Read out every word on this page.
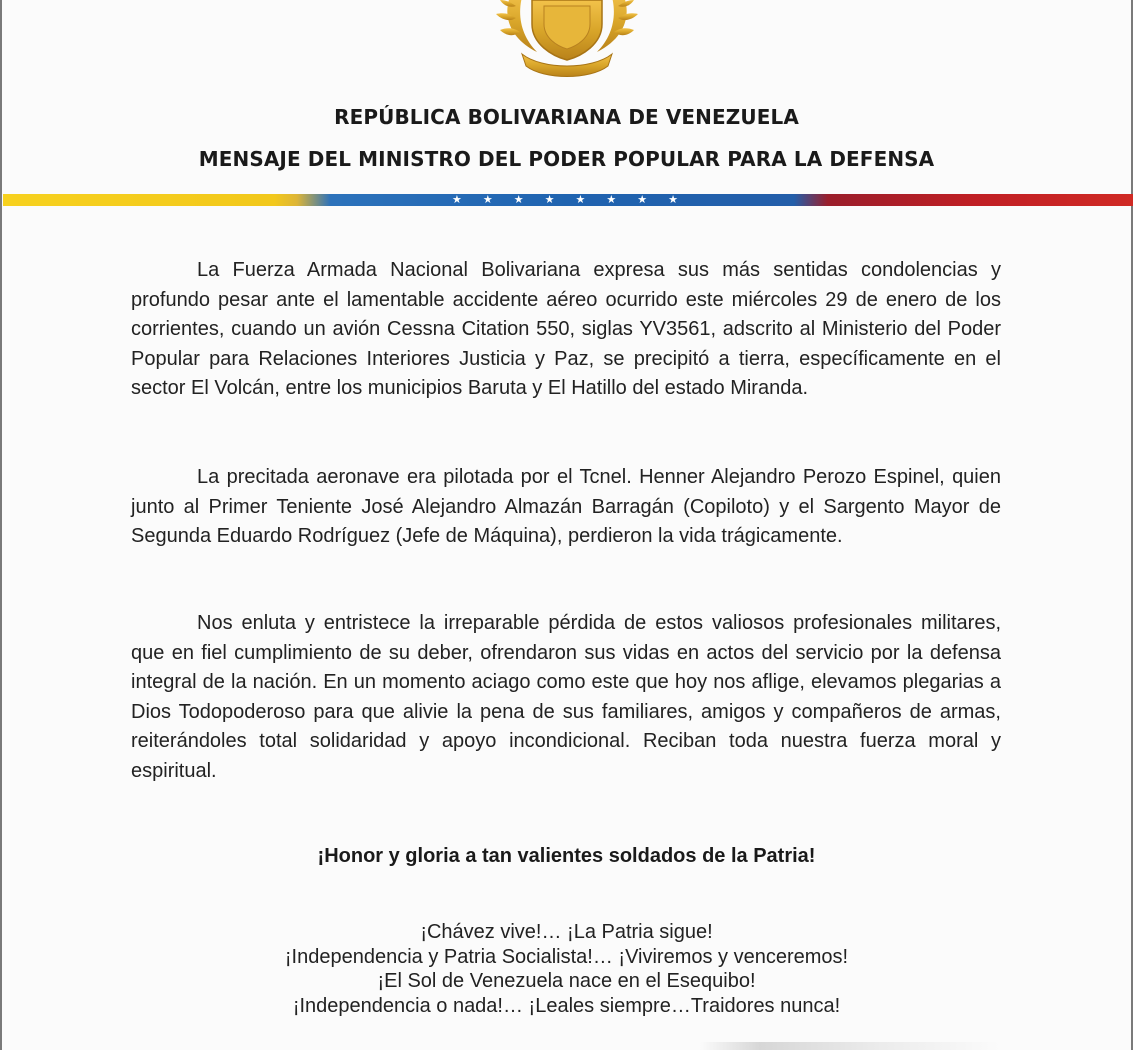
REPÚBLICA BOLIVARIANA DE VENEZUELA
MENSAJE DEL MINISTRO DEL PODER POPULAR PARA LA DEFENSA
★ ★ ★ ★ ★ ★ ★ ★

La Fuerza Armada Nacional Bolivariana expresa sus más sentidas condolencias y profundo pesar ante el lamentable accidente aéreo ocurrido este miércoles 29 de enero de los corrientes, cuando un avión Cessna Citation 550, siglas YV3561, adscrito al Ministerio del Poder Popular para Relaciones Interiores Justicia y Paz, se precipitó a tierra, específicamente en el sector El Volcán, entre los municipios Baruta y El Hatillo del estado Miranda.

La precitada aeronave era pilotada por el Tcnel. Henner Alejandro Perozo Espinel, quien junto al Primer Teniente José Alejandro Almazán Barragán (Copiloto) y el Sargento Mayor de Segunda Eduardo Rodríguez (Jefe de Máquina), perdieron la vida trágicamente.

Nos enluta y entristece la irreparable pérdida de estos valiosos profesionales militares, que en fiel cumplimiento de su deber, ofrendaron sus vidas en actos del servicio por la defensa integral de la nación. En un momento aciago como este que hoy nos aflige, elevamos plegarias a Dios Todopoderoso para que alivie la pena de sus familiares, amigos y compañeros de armas, reiterándoles total solidaridad y apoyo incondicional. Reciban toda nuestra fuerza moral y espiritual.

¡Honor y gloria a tan valientes soldados de la Patria!
¡Chávez vive!… ¡La Patria sigue!
¡Independencia y Patria Socialista!… ¡Viviremos y venceremos!
¡El Sol de Venezuela nace en el Esequibo!
¡Independencia o nada!… ¡Leales siempre…Traidores nunca!
